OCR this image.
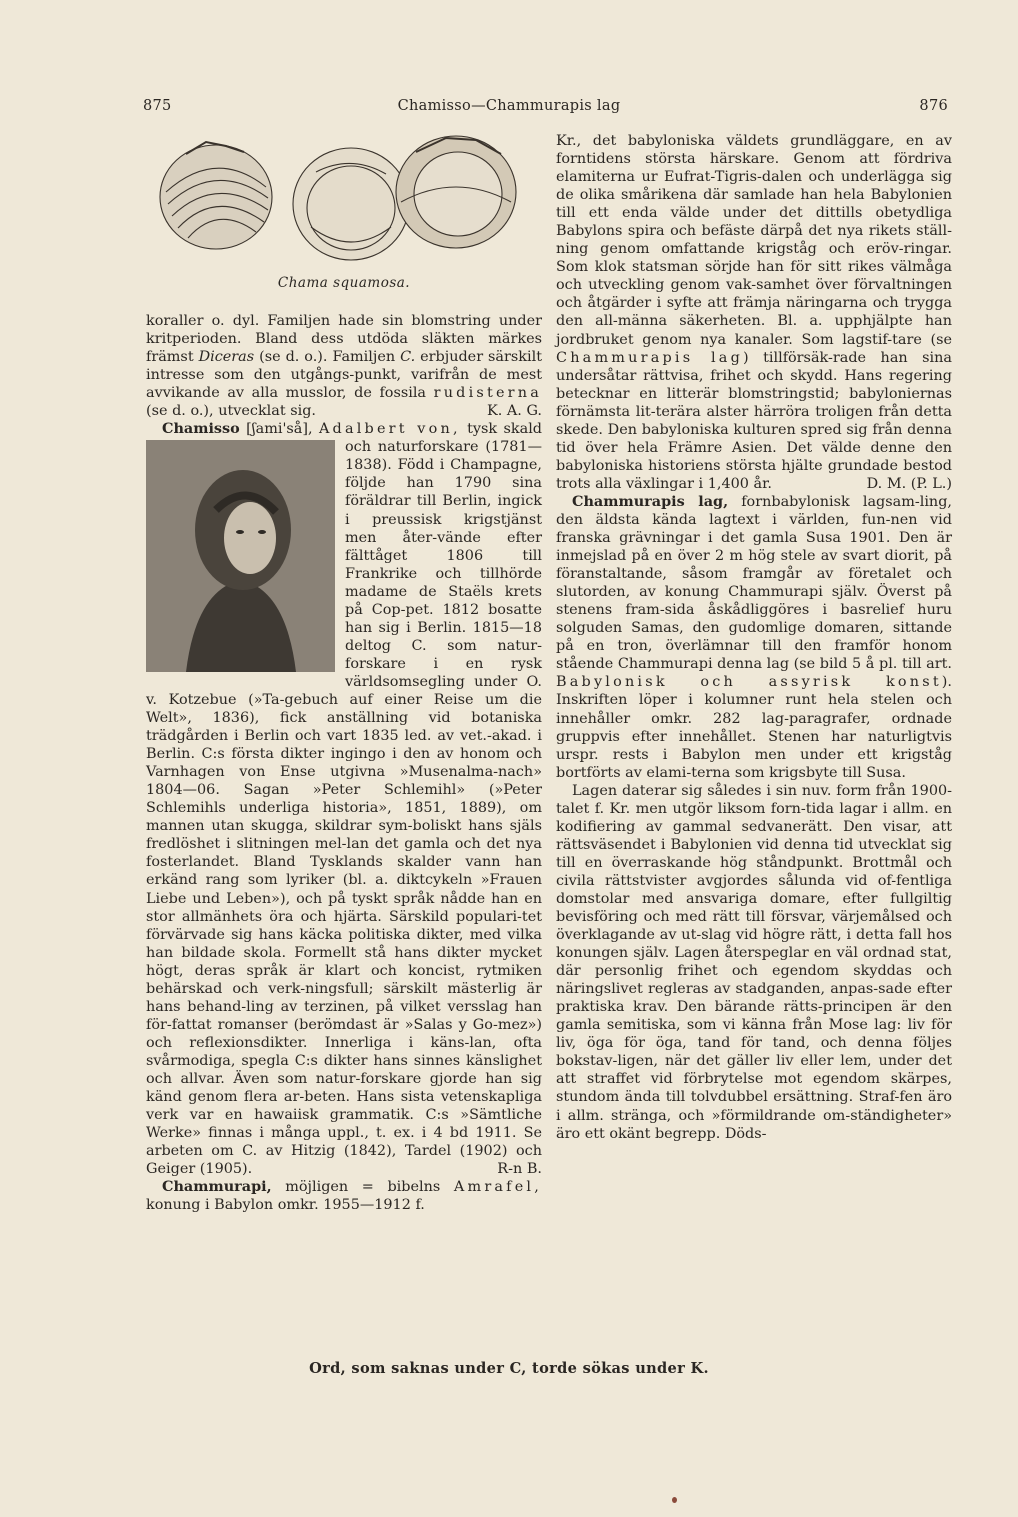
875	Chamisso—Chammurapis lag	876
Chama squamosa.

koraller o. dyl. Familjen hade sin blomstring under kritperioden. Bland dess utdöda släkten märkes främst Diceras (se d. o.). Familjen C. erbjuder särskilt intresse som den utgångs-punkt, varifrån de mest avvikande av alla musslor, de fossila rudisterna (se d. o.), utvecklat sig.	K. A. G.

Chamisso [ʃami'så], Adalbert von,
tysk skald och naturforskare (1781—1838). Född i Champagne, följde han 1790 sina föräldrar till Berlin, ingick i preussisk krigstjänst men åter-vände efter fälttåget 1806 till Frankrike och tillhörde madame de Staëls krets på Cop-pet. 1812 bosatte han sig i Berlin. 1815—18 deltog C. som natur-forskare i en rysk världsomsegling under O. v. Kotzebue (»Ta-gebuch auf einer Reise um die Welt», 1836), fick anställning vid botaniska trädgården i Berlin och vart 1835 led. av vet.-akad. i Berlin. C:s första dikter ingingo i den av honom och Varnhagen von Ense utgivna »Musenalma-nach» 1804—06. Sagan »Peter Schlemihl» (»Peter Schlemihls underliga historia», 1851, 1889), om mannen utan skugga, skildrar sym-boliskt hans själs fredlöshet i slitningen mel-lan det gamla och det nya fosterlandet. Bland Tysklands skalder vann han erkänd rang som lyriker (bl. a. diktcykeln »Frauen Liebe und Leben»), och på tyskt språk nådde han en stor allmänhets öra och hjärta. Särskild populari-tet förvärvade sig hans käcka politiska dikter, med vilka han bildade skola. Formellt stå hans dikter mycket högt, deras språk är klart och koncist, rytmiken behärskad och verk-ningsfull; särskilt mästerlig är hans behand-ling av terzinen, på vilket versslag han för-fattat romanser (berömdast är »Salas y Go-mez») och reflexionsdikter. Innerliga i käns-lan, ofta svårmodiga, spegla C:s dikter hans sinnes känslighet och allvar. Även som natur-forskare gjorde han sig känd genom flera ar-beten. Hans sista vetenskapliga verk var en hawaiisk grammatik. C:s »Sämtliche Werke» finnas i många uppl., t. ex. i 4 bd 1911. Se arbeten om C. av Hitzig (1842), Tardel (1902) och Geiger (1905).	R-n B.

Chammurapi, möjligen = bibelns Amrafel, konung i Babylon omkr. 1955—1912 f.

Kr., det babyloniska väldets grundläggare, en av forntidens största härskare. Genom att fördriva elamiterna ur Eufrat-Tigris-dalen och underlägga sig de olika smårikena där samlade han hela Babylonien till ett enda välde under det dittills obetydliga Babylons spira och befäste därpå det nya rikets ställ-ning genom omfattande krigståg och eröv-ringar. Som klok statsman sörjde han för sitt rikes välmåga och utveckling genom vak-samhet över förvaltningen och åtgärder i syfte att främja näringarna och trygga den all-männa säkerheten. Bl. a. upphjälpte han jordbruket genom nya kanaler. Som lagstif-tare (se Chammurapis lag) tillförsäk-rade han sina undersåtar rättvisa, frihet och skydd. Hans regering betecknar en litterär blomstringstid; babyloniernas förnämsta lit-terära alster härröra troligen från detta skede. Den babyloniska kulturen spred sig från denna tid över hela Främre Asien. Det välde denne den babyloniska historiens största hjälte grundade bestod trots alla växlingar i 1,400 år.	D. M. (P. L.)

Chammurapis lag, fornbabylonisk lagsam-ling, den äldsta kända lagtext i världen, fun-nen vid franska grävningar i det gamla Susa 1901. Den är inmejslad på en över 2 m hög stele av svart diorit, på föranstaltande, såsom framgår av företalet och slutorden, av konung Chammurapi själv. Överst på stenens fram-sida åskådliggöres i basrelief huru solguden Samas, den gudomlige domaren, sittande på en tron, överlämnar till den framför honom stående Chammurapi denna lag (se bild 5 å pl. till art. Babylonisk och assyrisk konst). Inskriften löper i kolumner runt hela stelen och innehåller omkr. 282 lag-paragrafer, ordnade gruppvis efter innehållet. Stenen har naturligtvis urspr. rests i Babylon men under ett krigståg bortförts av elami-terna som krigsbyte till Susa.

Lagen daterar sig således i sin nuv. form från 1900-talet f. Kr. men utgör liksom forn-tida lagar i allm. en kodifiering av gammal sedvanerätt. Den visar, att rättsväsendet i Babylonien vid denna tid utvecklat sig till en överraskande hög ståndpunkt. Brottmål och civila rättstvister avgjordes sålunda vid of-fentliga domstolar med ansvariga domare, efter fullgiltig bevisföring och med rätt till försvar, värjemålsed och överklagande av ut-slag vid högre rätt, i detta fall hos konungen själv. Lagen återspeglar en väl ordnad stat, där personlig frihet och egendom skyddas och näringslivet regleras av stadganden, anpas-sade efter praktiska krav. Den bärande rätts-principen är den gamla semitiska, som vi känna från Mose lag: liv för liv, öga för öga, tand för tand, och denna följes bokstav-ligen, när det gäller liv eller lem, under det att straffet vid förbrytelse mot egendom skärpes, stundom ända till tolvdubbel ersättning. Straf-fen äro i allm. stränga, och »förmildrande om-ständigheter» äro ett okänt begrepp. Döds-

Ord, som saknas under C, torde sökas under K.
